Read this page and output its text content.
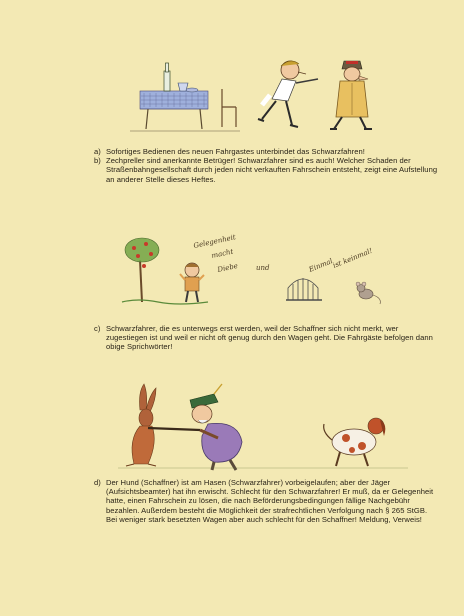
a) Sofortiges Bedienen des neuen Fahrgastes unterbindet das Schwarzfahren!
b) Zechpreller sind anerkannte Betrüger! Schwarzfahrer sind es auch! Welcher Schaden der Straßenbahngesellschaft durch jeden nicht verkauften Fahrschein entsteht, zeigt eine Aufstellung an anderer Stelle dieses Heftes.
Gelegenheit
macht
Diebe und	Einmal
ist keinmal!
c) Schwarzfahrer, die es unterwegs erst werden, weil der Schaffner sich nicht merkt, wer zugestiegen ist und weil er nicht oft genug durch den Wagen geht. Die Fahrgäste befolgen dann obige Sprichwörter!
d) Der Hund (Schaffner) ist am Hasen (Schwarzfahrer) vorbeigelaufen; aber der Jäger (Aufsichtsbeamter) hat ihn erwischt. Schlecht für den Schwarzfahrer! Er muß, da er Gelegenheit hatte, einen Fahrschein zu lösen, die nach Beförderungsbedingungen fällige Nachgebühr bezahlen. Außerdem besteht die Möglichkeit der strafrechtlichen Verfolgung nach § 265 StGB. Bei weniger stark besetzten Wagen aber auch schlecht für den Schaffner! Meldung, Verweis!
